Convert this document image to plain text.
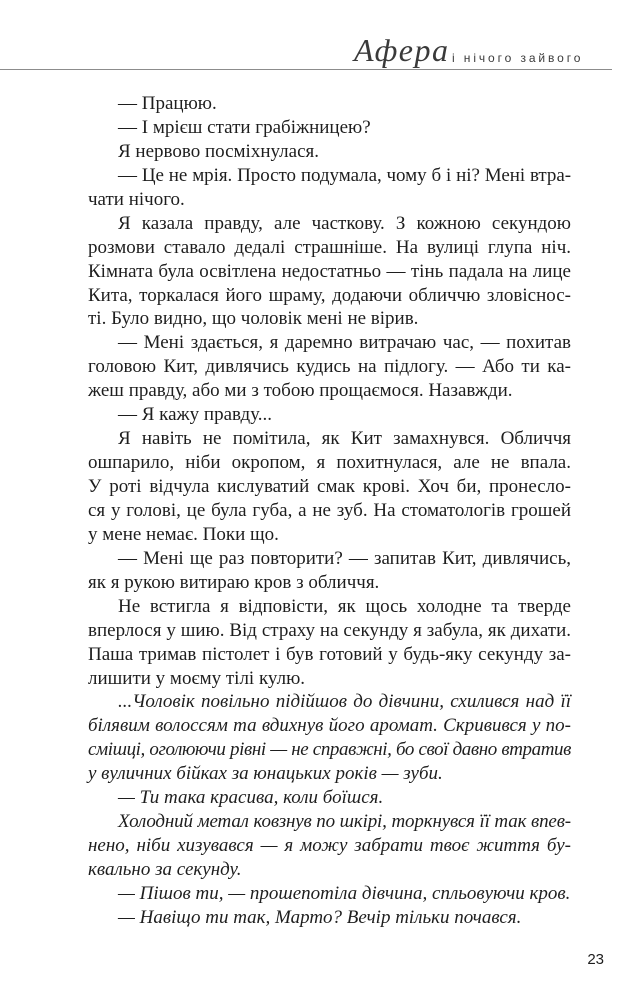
Афера і нічого зайвого
— Працюю.
— І мрієш стати грабіжницею?
Я нервово посміхнулася.
— Це не мрія. Просто подумала, чому б і ні? Мені втра-
чати нічого.
Я казала правду, але часткову. З кожною секундою
розмови ставало дедалі страшніше. На вулиці глупа ніч.
Кімната була освітлена недостатньо — тінь падала на лице
Кита, торкалася його шраму, додаючи обличчю зловіснос-
ті. Було видно, що чоловік мені не вірив.
— Мені здається, я даремно витрачаю час, — похитав
головою Кит, дивлячись кудись на підлогу. — Або ти ка-
жеш правду, або ми з тобою прощаємося. Назавжди.
— Я кажу правду...
Я навіть не помітила, як Кит замахнувся. Обличчя
ошпарило, ніби окропом, я похитнулася, але не впала.
У роті відчула кислуватий смак крові. Хоч би, пронесло-
ся у голові, це була губа, а не зуб. На стоматологів грошей
у мене немає. Поки що.
— Мені ще раз повторити? — запитав Кит, дивлячись,
як я рукою витираю кров з обличчя.
Не встигла я відповісти, як щось холодне та тверде
вперлося у шию. Від страху на секунду я забула, як дихати.
Паша тримав пістолет і був готовий у будь-яку секунду за-
лишити у моєму тілі кулю.
...Чоловік повільно підійшов до дівчини, схилився над її
білявим волоссям та вдихнув його аромат. Скривився у по-
смішці, оголюючи рівні — не справжні, бо свої давно втратив
у вуличних бійках за юнацьких років — зуби.
— Ти така красива, коли боїшся.
Холодний метал ковзнув по шкірі, торкнувся її так впев-
нено, ніби хизувався — я можу забрати твоє життя бу-
квально за секунду.
— Пішов ти, — прошепотіла дівчина, спльовуючи кров.
— Навіщо ти так, Марто? Вечір тільки почався.
23
